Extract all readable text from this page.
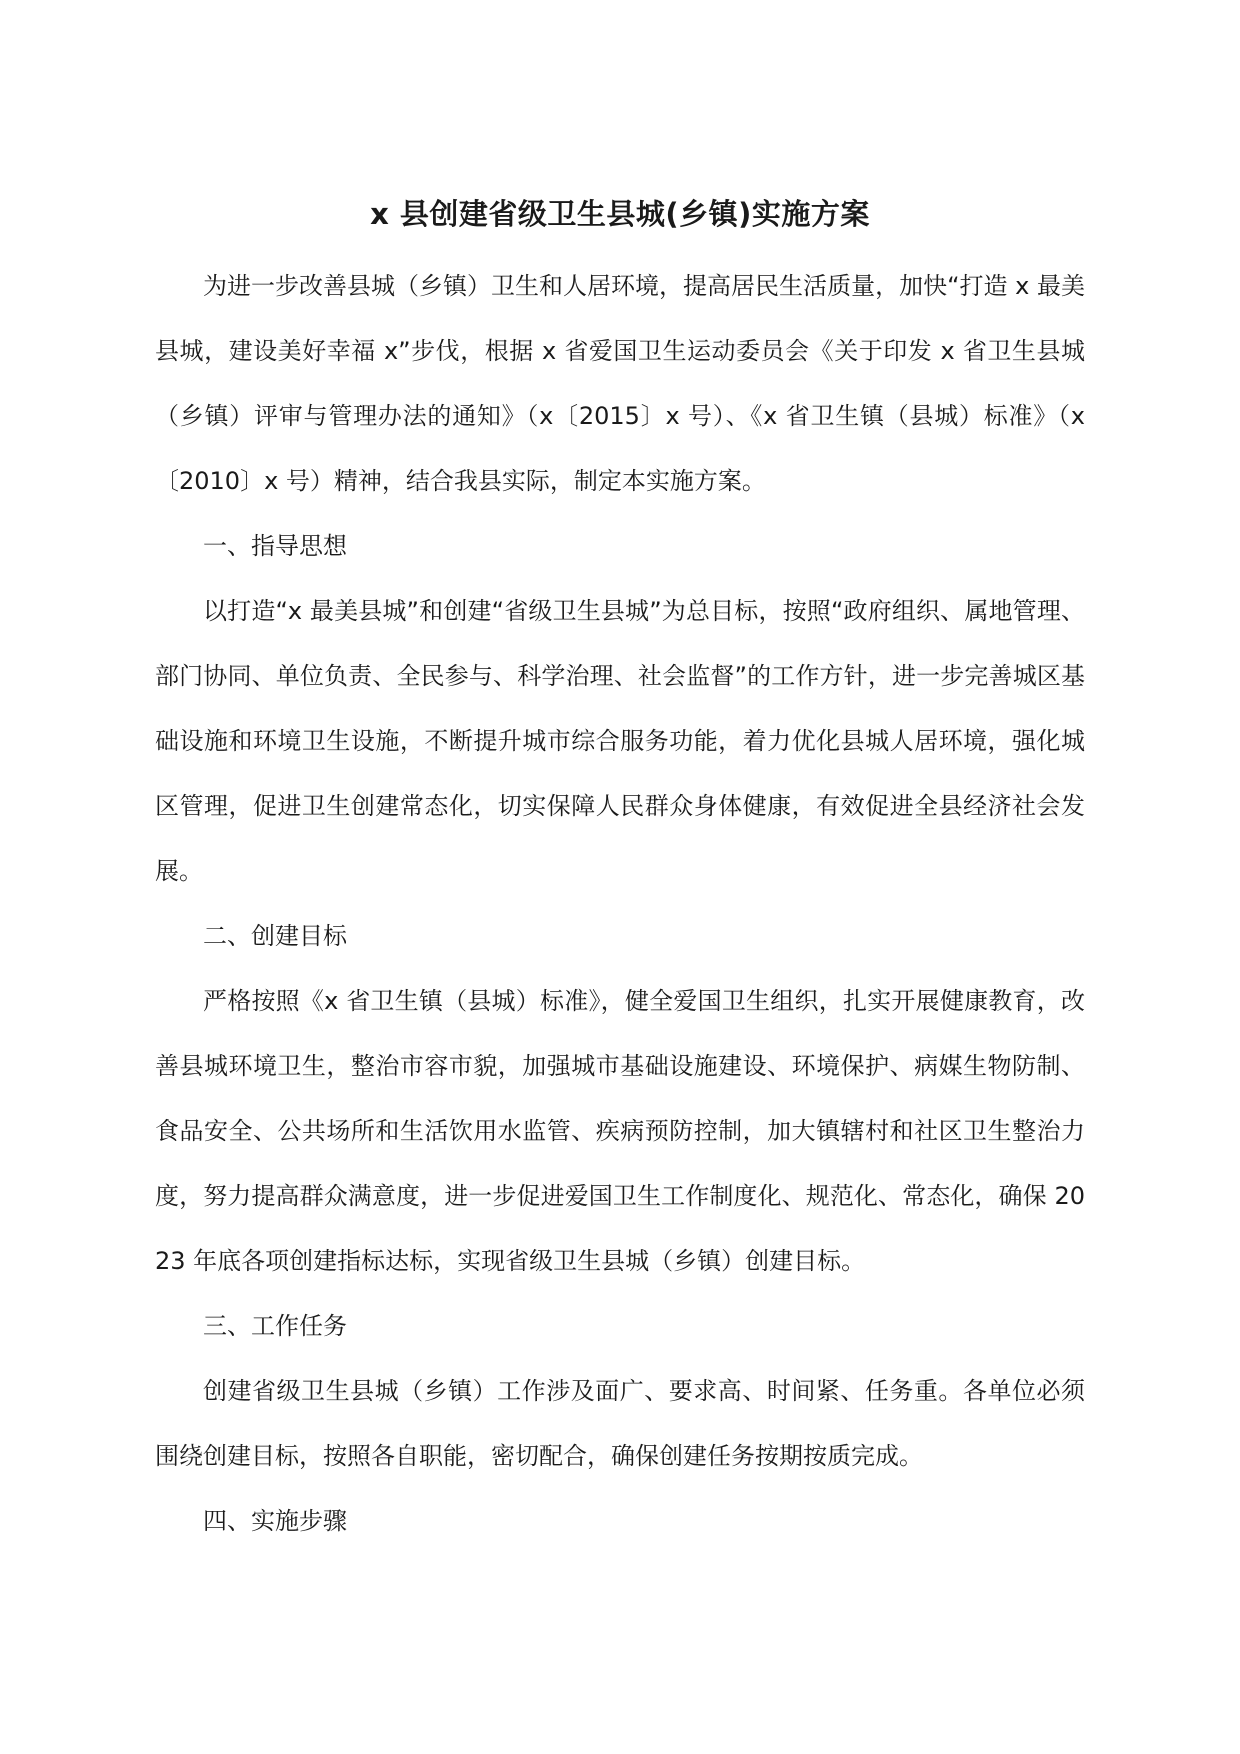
x 县创建省级卫生县城(乡镇)实施方案

为进一步改善县城（乡镇）卫生和人居环境，提高居民生活质量，加快“打造 x 最美县城，建设美好幸福 x”步伐，根据 x 省爱国卫生运动委员会《关于印发 x 省卫生县城（乡镇）评审与管理办法的通知》（x〔2015〕x 号）、《x 省卫生镇（县城）标准》（x〔2010〕x 号）精神，结合我县实际，制定本实施方案。

一、指导思想

以打造“x 最美县城”和创建“省级卫生县城”为总目标，按照“政府组织、属地管理、部门协同、单位负责、全民参与、科学治理、社会监督”的工作方针，进一步完善城区基础设施和环境卫生设施，不断提升城市综合服务功能，着力优化县城人居环境，强化城区管理，促进卫生创建常态化，切实保障人民群众身体健康，有效促进全县经济社会发展。

二、创建目标

严格按照《x 省卫生镇（县城）标准》，健全爱国卫生组织，扎实开展健康教育，改善县城环境卫生，整治市容市貌，加强城市基础设施建设、环境保护、病媒生物防制、食品安全、公共场所和生活饮用水监管、疾病预防控制，加大镇辖村和社区卫生整治力度，努力提高群众满意度，进一步促进爱国卫生工作制度化、规范化、常态化，确保 2023 年底各项创建指标达标，实现省级卫生县城（乡镇）创建目标。

三、工作任务

创建省级卫生县城（乡镇）工作涉及面广、要求高、时间紧、任务重。各单位必须围绕创建目标，按照各自职能，密切配合，确保创建任务按期按质完成。

四、实施步骤
